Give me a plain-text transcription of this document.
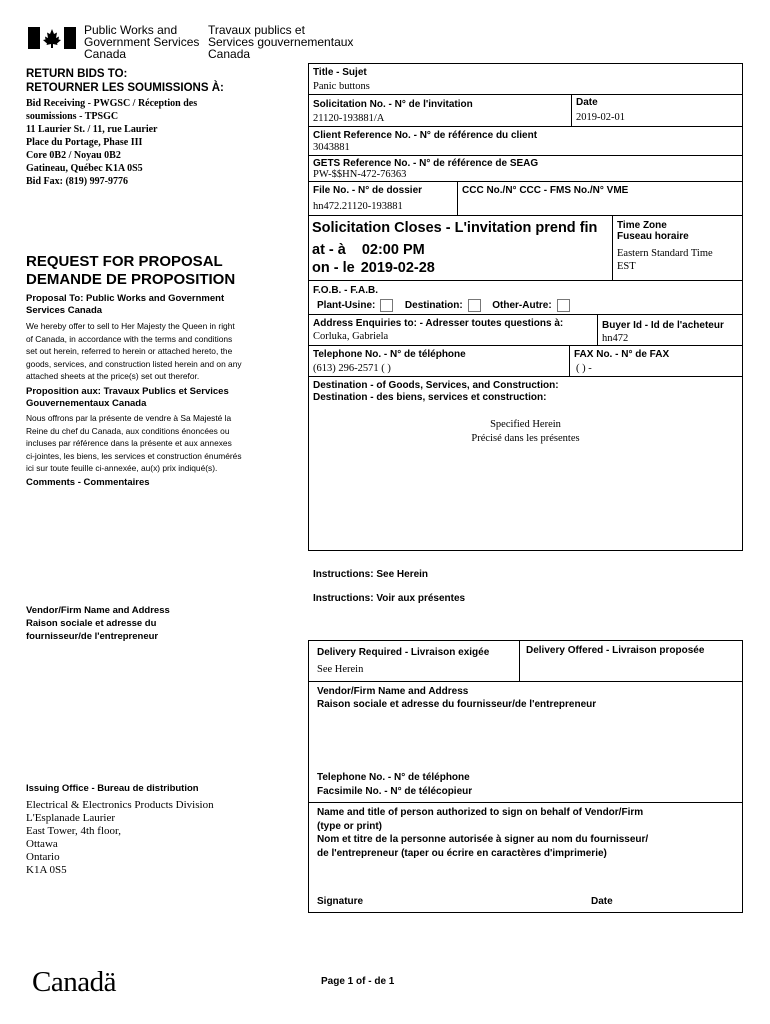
Public Works and
Government Services
Canada
Travaux publics et
Services gouvernementaux
Canada
RETURN BIDS TO:
RETOURNER LES SOUMISSIONS À:
Bid Receiving - PWGSC / Réception des
soumissions - TPSGC
11 Laurier St. / 11, rue Laurier
Place du Portage, Phase III
Core 0B2 / Noyau 0B2
Gatineau, Québec K1A 0S5
Bid Fax: (819) 997-9776
REQUEST FOR PROPOSAL
DEMANDE DE PROPOSITION
Proposal To: Public Works and Government
Services Canada
We hereby offer to sell to Her Majesty the Queen in right
of Canada, in accordance with the terms and conditions
set out herein, referred to herein or attached hereto, the
goods, services, and construction listed herein and on any
attached sheets at the price(s) set out therefor.
Proposition aux: Travaux Publics et Services
Gouvernementaux Canada
Nous offrons par la présente de vendre à Sa Majesté la
Reine du chef du Canada, aux conditions énoncées ou
incluses par référence dans la présente et aux annexes
ci-jointes, les biens, les services et construction énumérés
ici sur toute feuille ci-annexée, au(x) prix indiqué(s).
Comments - Commentaires
Vendor/Firm Name and Address
Raison sociale et adresse du
fournisseur/de l'entrepreneur
Issuing Office - Bureau de distribution
Electrical & Electronics Products Division
L'Esplanade Laurier
East Tower, 4th floor,
Ottawa
Ontario
K1A 0S5
Title - Sujet
Panic buttons
Solicitation No. - N° de l'invitation
21120-193881/A
Date
2019-02-01
Client Reference No. - N° de référence du client
3043881
GETS Reference No. - N° de référence de SEAG
PW-$$HN-472-76363
File No. - N° de dossier
hn472.21120-193881
CCC No./N° CCC - FMS No./N° VME
Solicitation Closes - L'invitation prend fin
at - à 02:00 PM
on - le 2019-02-28
Time Zone
Fuseau horaire
Eastern Standard Time
EST
F.O.B. - F.A.B.
Plant-Usine:	Destination:	Other-Autre:
Address Enquiries to: - Adresser toutes questions à:
Corluka, Gabriela
Buyer Id - Id de l'acheteur
hn472
Telephone No. - N° de téléphone
(613) 296-2571 ( )
FAX No. - N° de FAX
( ) -
Destination - of Goods, Services, and Construction:
Destination - des biens, services et construction:
Specified Herein
Précisé dans les présentes
Instructions: See Herein
Instructions: Voir aux présentes
Delivery Required - Livraison exigée
See Herein
Delivery Offered - Livraison proposée
Vendor/Firm Name and Address
Raison sociale et adresse du fournisseur/de l'entrepreneur
Telephone No. - N° de téléphone
Facsimile No. - N° de télécopieur
Name and title of person authorized to sign on behalf of Vendor/Firm
(type or print)
Nom et titre de la personne autorisée à signer au nom du fournisseur/
de l'entrepreneur (taper ou écrire en caractères d'imprimerie)
Signature	Date
Canadä	Page 1 of - de 1
